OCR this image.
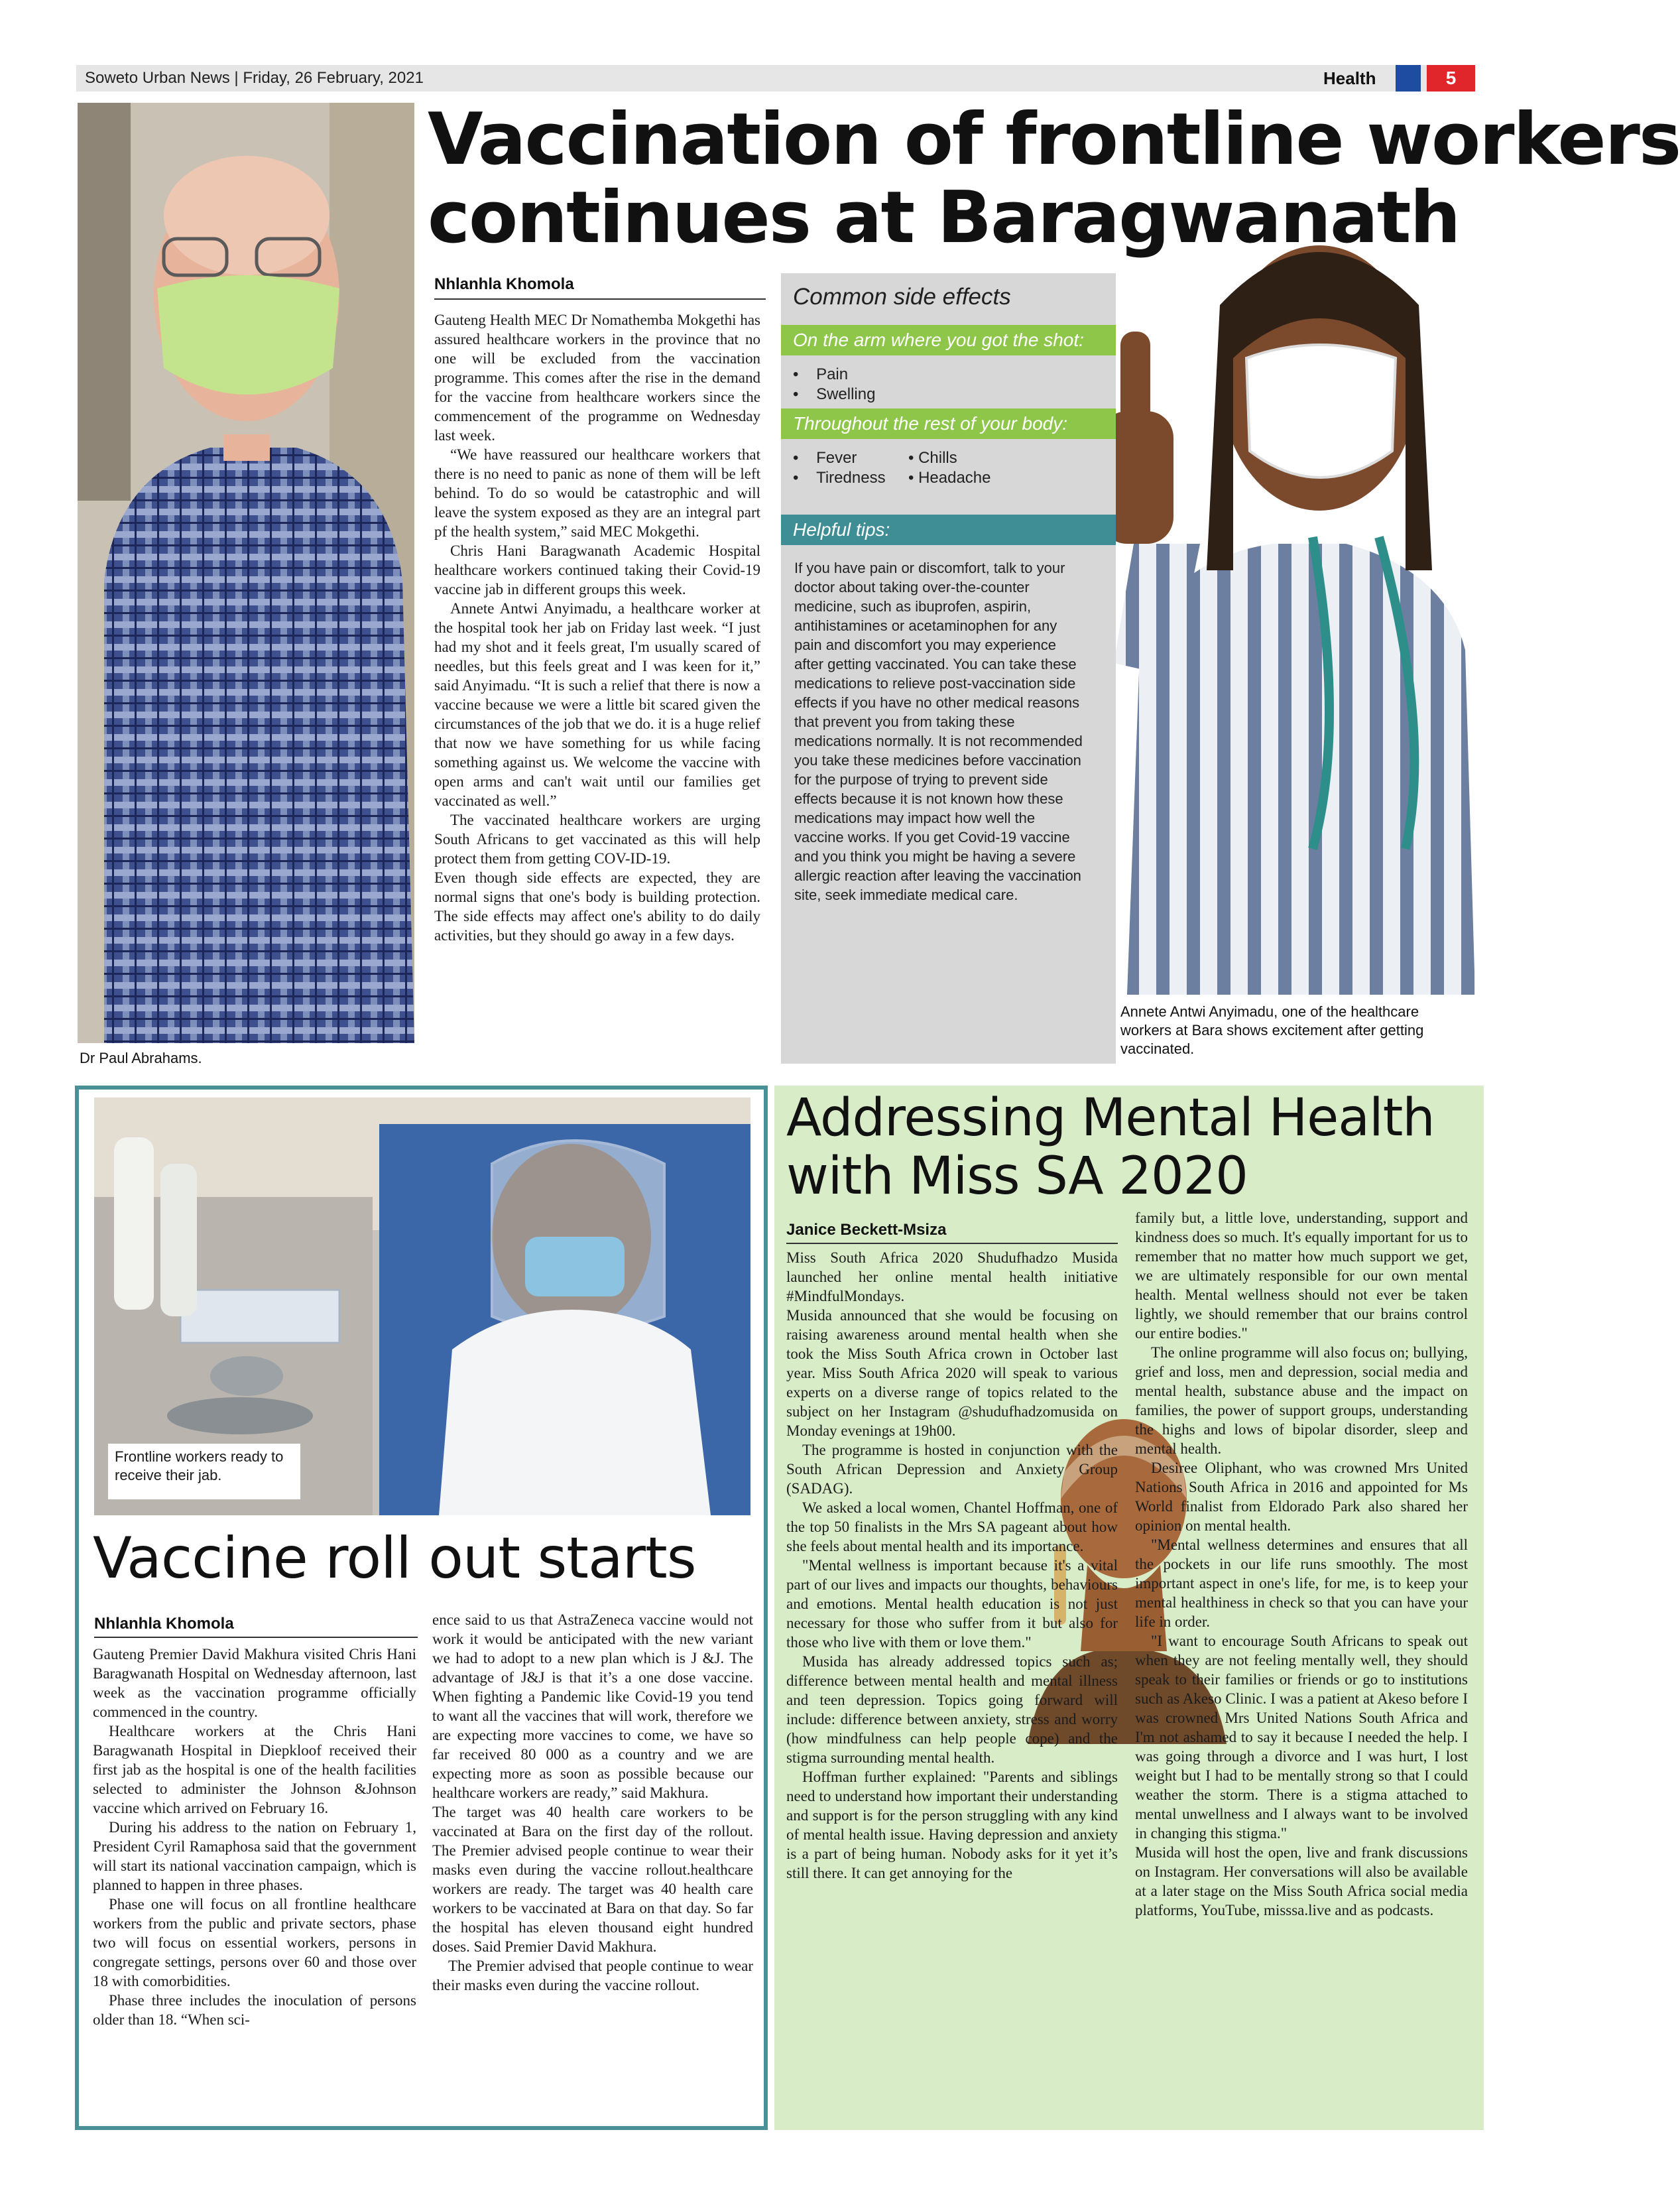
Soweto Urban News | Friday, 26 February, 2021	Health	5
Dr Paul Abrahams.
Annete Antwi Anyimadu, one of the healthcare workers at Bara shows excitement after getting vaccinated.
Vaccination of frontline workers
continues at Baragwanath
Nhlanhla Khomola

Gauteng Health MEC Dr Nomathemba Mokgethi has assured healthcare workers in the province that no one will be excluded from the vaccination programme. This comes after the rise in the demand for the vaccine from healthcare workers since the commencement of the programme on Wednesday last week.

“We have reassured our healthcare workers that there is no need to panic as none of them will be left behind. To do so would be catastrophic and will leave the system exposed as they are an integral part pf the health system,” said MEC Mokgethi.

Chris Hani Baragwanath Academic Hospital healthcare workers continued taking their Covid-19 vaccine jab in different groups this week.

Annete Antwi Anyimadu, a healthcare worker at the hospital took her jab on Friday last week. “I just had my shot and it feels great, I'm usually scared of needles, but this feels great and I was keen for it,” said Anyimadu. “It is such a relief that there is now a vaccine because we were a little bit scared given the circumstances of the job that we do. it is a huge relief that now we have something for us while facing something against us. We welcome the vaccine with open arms and can't wait until our families get vaccinated as well.”

The vaccinated healthcare workers are urging South Africans to get vaccinated as this will help protect them from getting COV-ID-19.

Even though side effects are expected, they are normal signs that one's body is building protection. The side effects may affect one's ability to do daily activities, but they should go away in a few days.

Common side effects
On the arm where you got the shot:
•    Pain
•    Swelling
Throughout the rest of your body:
•    Fever
•    Tiredness
• Chills
• Headache
Helpful tips:
If you have pain or discomfort, talk to your doctor about taking over-the-counter medicine, such as ibuprofen, aspirin, antihistamines or acetaminophen for any pain and discomfort you may experience after getting vaccinated. You can take these medications to relieve post-vaccination side effects if you have no other medical reasons that prevent you from taking these medications normally. It is not recommended you take these medicines before vaccination for the purpose of trying to prevent side effects because it is not known how these medications may impact how well the vaccine works. If you get Covid-19 vaccine and you think you might be having a severe allergic reaction after leaving the vaccination site, seek immediate medical care.
Frontline workers ready to receive their jab.
Vaccine roll out starts
Nhlanhla Khomola

Gauteng Premier David Makhura visited Chris Hani Baragwanath Hospital on Wednesday afternoon, last week as the vaccination programme officially commenced in the country.

Healthcare workers at the Chris Hani Baragwanath Hospital in Diepkloof received their first jab as the hospital is one of the health facilities selected to administer the Johnson &Johnson vaccine which arrived on February 16.

During his address to the nation on February 1, President Cyril Ramaphosa said that the government will start its national vaccination campaign, which is planned to happen in three phases.

Phase one will focus on all frontline healthcare workers from the public and private sectors, phase two will focus on essential workers, persons in congregate settings, persons over 60 and those over 18 with comorbidities.

Phase three includes the inoculation of persons older than 18. “When sci-

ence said to us that AstraZeneca vaccine would not work it would be anticipated with the new variant we had to adopt to a new plan which is J &J. The advantage of J&J is that it’s a one dose vaccine. When fighting a Pandemic like Covid-19 you tend to want all the vaccines that will work, therefore we are expecting more vaccines to come, we have so far received 80 000 as a country and we are expecting more as soon as possible because our healthcare workers are ready,” said Makhura.

The target was 40 health care workers to be vaccinated at Bara on the first day of the rollout. The Premier advised people continue to wear their masks even during the vaccine rollout.healthcare workers are ready. The target was 40 health care workers to be vaccinated at Bara on that day. So far the hospital has eleven thousand eight hundred doses. Said Premier David Makhura.

The Premier advised that people continue to wear their masks even during the vaccine rollout.

Addressing Mental Health
with Miss SA 2020
Janice Beckett-Msiza

Miss South Africa 2020 Shudufhadzo Musida launched her online mental health initiative #MindfulMondays.

Musida announced that she would be focusing on raising awareness around mental health when she took the Miss South Africa crown in October last year. Miss South Africa 2020 will speak to various experts on a diverse range of topics related to the subject on her Instagram @shudufhadzomusida on Monday evenings at 19h00.

The programme is hosted in conjunction with the South African Depression and Anxiety Group (SADAG).

We asked a local women, Chantel Hoffman, one of the top 50 finalists in the Mrs SA pageant about how she feels about mental health and its importance.

"Mental wellness is important because it's a vital part of our lives and impacts our thoughts, behaviours and emotions. Mental health education is not just necessary for those who suffer from it but also for those who live with them or love them."

Musida has already addressed topics such as; difference between mental health and mental illness and teen depression. Topics going forward will include: difference between anxiety, stress and worry (how mindfulness can help people cope) and the stigma surrounding mental health.

Hoffman further explained: "Parents and siblings need to understand how important their understanding and support is for the person struggling with any kind of mental health issue. Having depression and anxiety is a part of being human. Nobody asks for it yet it’s still there. It can get annoying for the

family but, a little love, understanding, support and kindness does so much. It's equally important for us to remember that no matter how much support we get, we are ultimately responsible for our own mental health. Mental wellness should not ever be taken lightly, we should remember that our brains control our entire bodies."

The online programme will also focus on; bullying, grief and loss, men and depression, social media and mental health, substance abuse and the impact on families, the power of support groups, understanding the highs and lows of bipolar disorder, sleep and mental health.

Desiree Oliphant, who was crowned Mrs United Nations South Africa in 2016 and appointed for Ms World finalist from Eldorado Park also shared her opinion on mental health.

"Mental wellness determines and ensures that all the pockets in our life runs smoothly. The most important aspect in one's life, for me, is to keep your mental healthiness in check so that you can have your life in order.

"I want to encourage South Africans to speak out when they are not feeling mentally well, they should speak to their families or friends or go to institutions such as Akeso Clinic. I was a patient at Akeso before I was crowned Mrs United Nations South Africa and I'm not ashamed to say it because I needed the help. I was going through a divorce and I was hurt, I lost weight but I had to be mentally strong so that I could weather the storm. There is a stigma attached to mental unwellness and I always want to be involved in changing this stigma."

Musida will host the open, live and frank discussions on Instagram. Her conversations will also be available at a later stage on the Miss South Africa social media platforms, YouTube, misssa.live and as podcasts.
